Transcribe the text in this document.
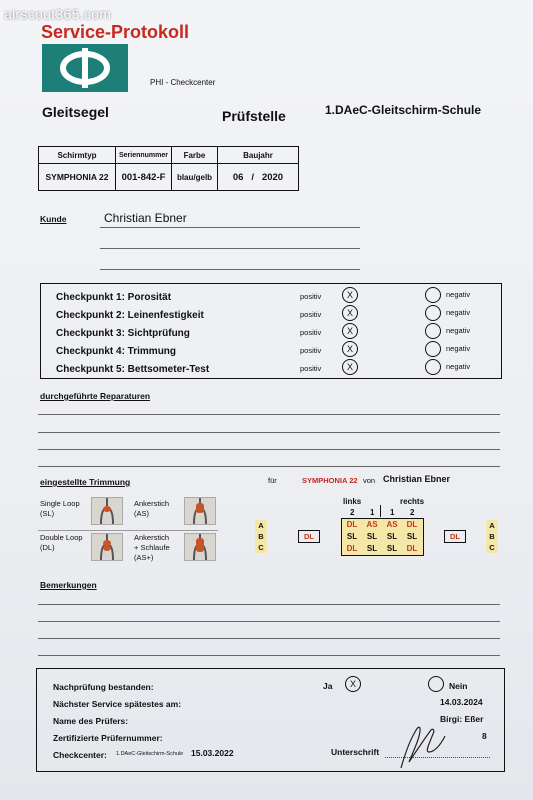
airscout365.com
Service-Protokoll
PHI - Checkcenter
Gleitsegel	Prüfstelle	1.DAeC-Gleitschirm-Schule
Schirmtyp	Seriennummer	Farbe	Baujahr
SYMPHONIA 22	001-842-F	blau/gelb	06 / 2020
Kunde	Christian Ebner
Checkpunkt 1: Porosität	positiv	X	negativ
Checkpunkt 2: Leinenfestigkeit	positiv	X	negativ
Checkpunkt 3: Sichtprüfung	positiv	X	negativ
Checkpunkt 4: Trimmung	positiv	X	negativ
Checkpunkt 5: Bettsometer-Test	positiv	X	negativ
durchgeführte Reparaturen
eingestellte Trimmung	für	SYMPHONIA 22 von Christian Ebner
Single Loop
(SL)
Ankerstich
(AS)
Double Loop
(DL)
Ankerstich
+ Schlaufe
(AS+)
A
B
C
DL
links	rechts
2 1 1 2
DL	AS	AS	DL
SL	SL	SL	SL
DL	SL	SL	DL
DL
A
B
C
Bemerkungen
Nachprüfung bestanden:	Ja	X	Nein
Nächster Service spätestes am:	14.03.2024
Name des Prüfers:	Birgi: Eßer
Zertifizierte Prüfernummer:	8
Checkcenter: 1.DAeC-Gleitschirm-Schule 15.03.2022	Unterschrift
